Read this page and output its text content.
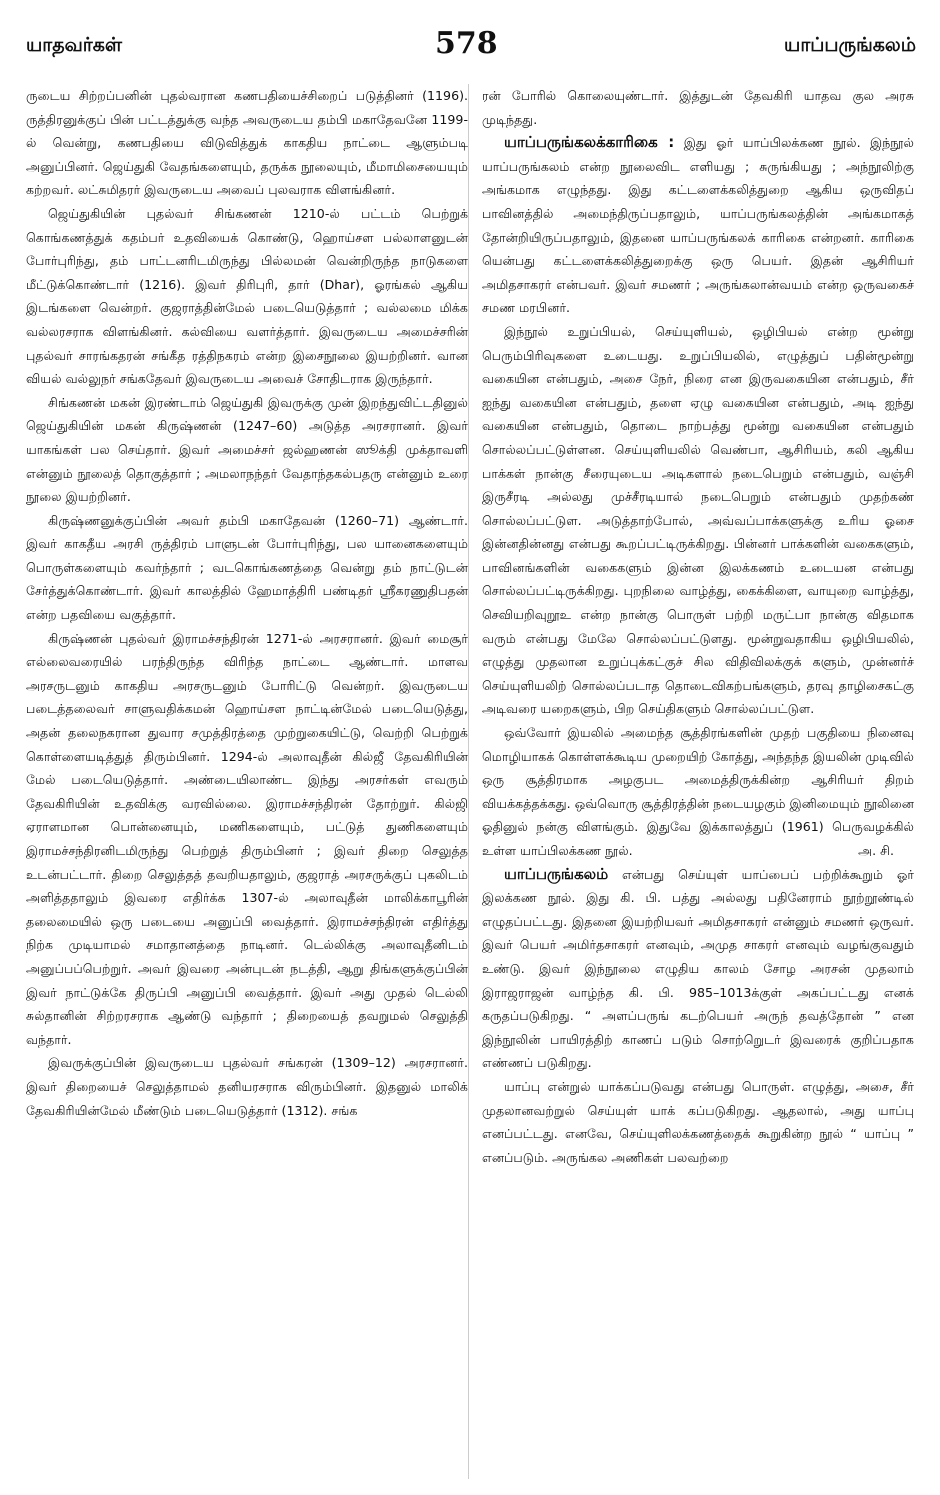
யாதவர்கள்	578	யாப்பருங்கலம்

ருடைய சிற்றப்பனின் புதல்வரான கணபதியைச்சிறைப் படுத்தினர் (1196). ருத்திரனுக்குப் பின் பட்டத்துக்கு வந்த அவருடைய தம்பி மகாதேவனே 1199-ல் வென்று, கணபதியை விடுவித்துக் காகதிய நாட்டை ஆளும்படி அனுப்பினர். ஜெய்துகி வேதங்களையும், தருக்க நூலையும், மீமாமிசையையும் கற்றவர். லட்சுமிதரர் இவருடைய அவைப் புலவராக விளங்கினர்.

ஜெய்துகியின் புதல்வர் சிங்கணன் 1210-ல் பட்டம் பெற்றுக் கொங்கணத்துக் கதம்பர் உதவியைக் கொண்டு, ஹொய்சள பல்லாளனுடன் போர்புரிந்து, தம் பாட்டனரிடமிருந்து பில்லமன் வென்றிருந்த நாடுகளை மீட்டுக்கொண்டார் (1216). இவர் திரிபுரி, தார் (Dhar), ஓரங்கல் ஆகிய இடங்களை வென்றர். குஜராத்தின்மேல் படையெடுத்தார் ; வல்லமை மிக்க வல்லரசராக விளங்கினர். கல்வியை வளர்த்தார். இவருடைய அமைச்சரின் புதல்வர் சாரங்கதரன் சங்கீத ரத்திநகரம் என்ற இசைநூலை இயற்றினர். வான வியல் வல்லுநர் சங்கதேவர் இவருடைய அவைச் சோதிடராக இருந்தார்.

சிங்கணன் மகன் இரண்டாம் ஜெய்துகி இவருக்கு முன் இறந்துவிட்டதினுல் ஜெய்துகியின் மகன் கிருஷ்ணன் (1247–60) அடுத்த அரசரானர். இவர் யாகங்கள் பல செய்தார். இவர் அமைச்சர் ஜல்ஹணன் ஸூக்தி முக்தாவளி என்னும் நூலைத் தொகுத்தார் ; அமலாநந்தர் வேதாந்தகல்பதரு என்னும் உரை நூலை இயற்றினர்.

கிருஷ்ணனுக்குப்பின் அவர் தம்பி மகாதேவன் (1260–71) ஆண்டார். இவர் காகதீய அரசி ருத்திரம் பாளுடன் போர்புரிந்து, பல யானைகளையும் பொருள்களையும் கவர்ந்தார் ; வடகொங்கணத்தை வென்று தம் நாட்டுடன் சேர்த்துக்கொண்டார். இவர் காலத்தில் ஹேமாத்திரி பண்டிதர் ஸ்ரீகரணுதிபதன் என்ற பதவியை வகுத்தார்.

கிருஷ்ணன் புதல்வர் இராமச்சந்திரன் 1271-ல் அரசரானர். இவர் மைசூர் எல்லைவரையில் பரந்திருந்த விரிந்த நாட்டை ஆண்டார். மாளவ அரசருடனும் காகதிய அரசருடனும் போரிட்டு வென்றர். இவருடைய படைத்தலைவர் சாளுவதிக்கமன் ஹொய்சள நாட்டின்மேல் படையெடுத்து, அதன் தலைநகரான துவார சமுத்திரத்தை முற்றுகையிட்டு, வெற்றி பெற்றுக் கொள்ளையடித்துத் திரும்பினர். 1294-ல் அலாவுதீன் கில்ஜீ தேவகிரியின் மேல் படையெடுத்தார். அண்டையிலாண்ட இந்து அரசர்கள் எவரும் தேவகிரியின் உதவிக்கு வரவில்லை. இராமச்சந்திரன் தோற்றுர். கில்ஜி ஏராளமான பொன்னையும், மணிகளையும், பட்டுத் துணிகளையும் இராமச்சந்திரனிடமிருந்து பெற்றுத் திரும்பினர் ; இவர் திறை செலுத்த உடன்பட்டார். திறை செலுத்தத் தவறியதாலும், குஜராத் அரசருக்குப் புகலிடம் அளித்ததாலும் இவரை எதிர்க்க 1307-ல் அலாவுதீன் மாலிக்காபூரின் தலைமையில் ஒரு படையை அனுப்பி வைத்தார். இராமச்சந்திரன் எதிர்த்து நிற்க முடியாமல் சமாதானத்தை நாடினர். டெல்லிக்கு அலாவுதீனிடம் அனுப்பப்பெற்றுர். அவர் இவரை அன்புடன் நடத்தி, ஆறு திங்களுக்குப்பின் இவர் நாட்டுக்கே திருப்பி அனுப்பி வைத்தார். இவர் அது முதல் டெல்லி சுல்தானின் சிற்றரசராக ஆண்டு வந்தார் ; திறையைத் தவறுமல் செலுத்தி வந்தார்.

இவருக்குப்பின் இவருடைய புதல்வர் சங்கரன் (1309–12) அரசரானர். இவர் திறையைச் செலுத்தாமல் தனியரசராக விரும்பினர். இதனுல் மாலிக் தேவகிரியின்மேல் மீண்டும் படையெடுத்தார் (1312). சங்க

ரன் போரில் கொலையுண்டார். இத்துடன் தேவகிரி யாதவ குல அரசு முடிந்தது.

யாப்பருங்கலக்காரிகை : இது ஓர் யாப்பிலக்கண நூல். இந்நூல் யாப்பருங்கலம் என்ற நூலைவிட எளியது ; சுருங்கியது ; அந்நூலிற்கு அங்கமாக எழுந்தது. இது கட்டளைக்கலித்துறை ஆகிய ஒருவிதப் பாவினத்தில் அமைந்திருப்பதாலும், யாப்பருங்கலத்தின் அங்கமாகத் தோன்றியிருப்பதாலும், இதனை யாப்பருங்கலக் காரிகை என்றனர். காரிகை யென்பது கட்டளைக்கலித்துறைக்கு ஒரு பெயர். இதன் ஆசிரியர் அமிதசாகரர் என்பவர். இவர் சமணர் ; அருங்கலான்வயம் என்ற ஒருவகைச் சமண மரபினர்.

இந்நூல் உறுப்பியல், செய்யுளியல், ஒழிபியல் என்ற மூன்று பெரும்பிரிவுகளை உடையது. உறுப்பியலில், எழுத்துப் பதின்மூன்று வகையின என்பதும், அசை நேர், நிரை என இருவகையின என்பதும், சீர் ஐந்து வகையின என்பதும், தளை ஏழு வகையின என்பதும், அடி ஐந்து வகையின என்பதும், தொடை நாற்பத்து மூன்று வகையின என்பதும் சொல்லப்பட்டுள்ளன. செய்யுளியலில் வெண்பா, ஆசிரியம், கலி ஆகிய பாக்கள் நான்கு சீரையுடைய அடிகளால் நடைபெறும் என்பதும், வஞ்சி இருசீரடி அல்லது முச்சீரடியால் நடைபெறும் என்பதும் முதற்கண் சொல்லப்பட்டுள. அடுத்தாற்போல், அவ்வப்பாக்களுக்கு உரிய ஓசை இன்னதின்னது என்பது கூறப்பட்டிருக்கிறது. பின்னர் பாக்களின் வகைகளும், பாவினங்களின் வகைகளும் இன்ன இலக்கணம் உடையன என்பது சொல்லப்பட்டிருக்கிறது. புறநிலை வாழ்த்து, கைக்கிளை, வாயுறை வாழ்த்து, செவியறிவுறூஉ என்ற நான்கு பொருள் பற்றி மருட்பா நான்கு விதமாக வரும் என்பது மேலே சொல்லப்பட்டுளது. மூன்றுவதாகிய ஒழிபியலில், எழுத்து முதலான உறுப்புக்கட்குச் சில விதிவிலக்குக் களும், முன்னர்ச் செய்யுளியலிற் சொல்லப்படாத தொடைவிகற்பங்களும், தரவு தாழிசைகட்கு அடிவரை யறைகளும், பிற செய்திகளும் சொல்லப்பட்டுள.

ஒவ்வோர் இயலில் அமைந்த சூத்திரங்களின் முதற் பகுதியை நினைவு மொழியாகக் கொள்ளக்கூடிய முறையிற் கோத்து, அந்தந்த இயலின் முடிவில் ஒரு சூத்திரமாக அழகுபட அமைத்திருக்கின்ற ஆசிரியர் திறம் வியக்கத்தக்கது. ஒவ்வொரு சூத்திரத்தின் நடையழகும் இனிமையும் நூலினை ஓதினுல் நன்கு விளங்கும். இதுவே இக்காலத்துப் (1961) பெருவழக்கில் உள்ள யாப்பிலக்கண நூல்.	அ. சி.

யாப்பருங்கலம் என்பது செய்யுள் யாப்பைப் பற்றிக்கூறும் ஓர் இலக்கண நூல். இது கி. பி. பத்து அல்லது பதினேராம் நூற்றூண்டில் எழுதப்பட்டது. இதனை இயற்றியவர் அமிதசாகரர் என்னும் சமணர் ஒருவர். இவர் பெயர் அமிர்தசாகரர் எனவும், அமுத சாகரர் எனவும் வழங்குவதும் உண்டு. இவர் இந்நூலை எழுதிய காலம் சோழ அரசன் முதலாம் இராஜராஜன் வாழ்ந்த கி. பி. 985–1013க்குள் அகப்பட்டது எனக் கருதப்படுகிறது. “ அளப்பருங் கடற்பெயர் அருந் தவத்தோன் ” என இந்நூலின் பாயிரத்திற் காணப் படும் சொற்றுெடர் இவரைக் குறிப்பதாக எண்ணப் படுகிறது.

யாப்பு என்றுல் யாக்கப்படுவது என்பது பொருள். எழுத்து, அசை, சீர் முதலானவற்றுல் செய்யுள் யாக் கப்படுகிறது. ஆதலால், அது யாப்பு எனப்பட்டது. எனவே, செய்யுளிலக்கணத்தைக் கூறுகின்ற நூல் “ யாப்பு ” எனப்படும். அருங்கல அணிகள் பலவற்றை
